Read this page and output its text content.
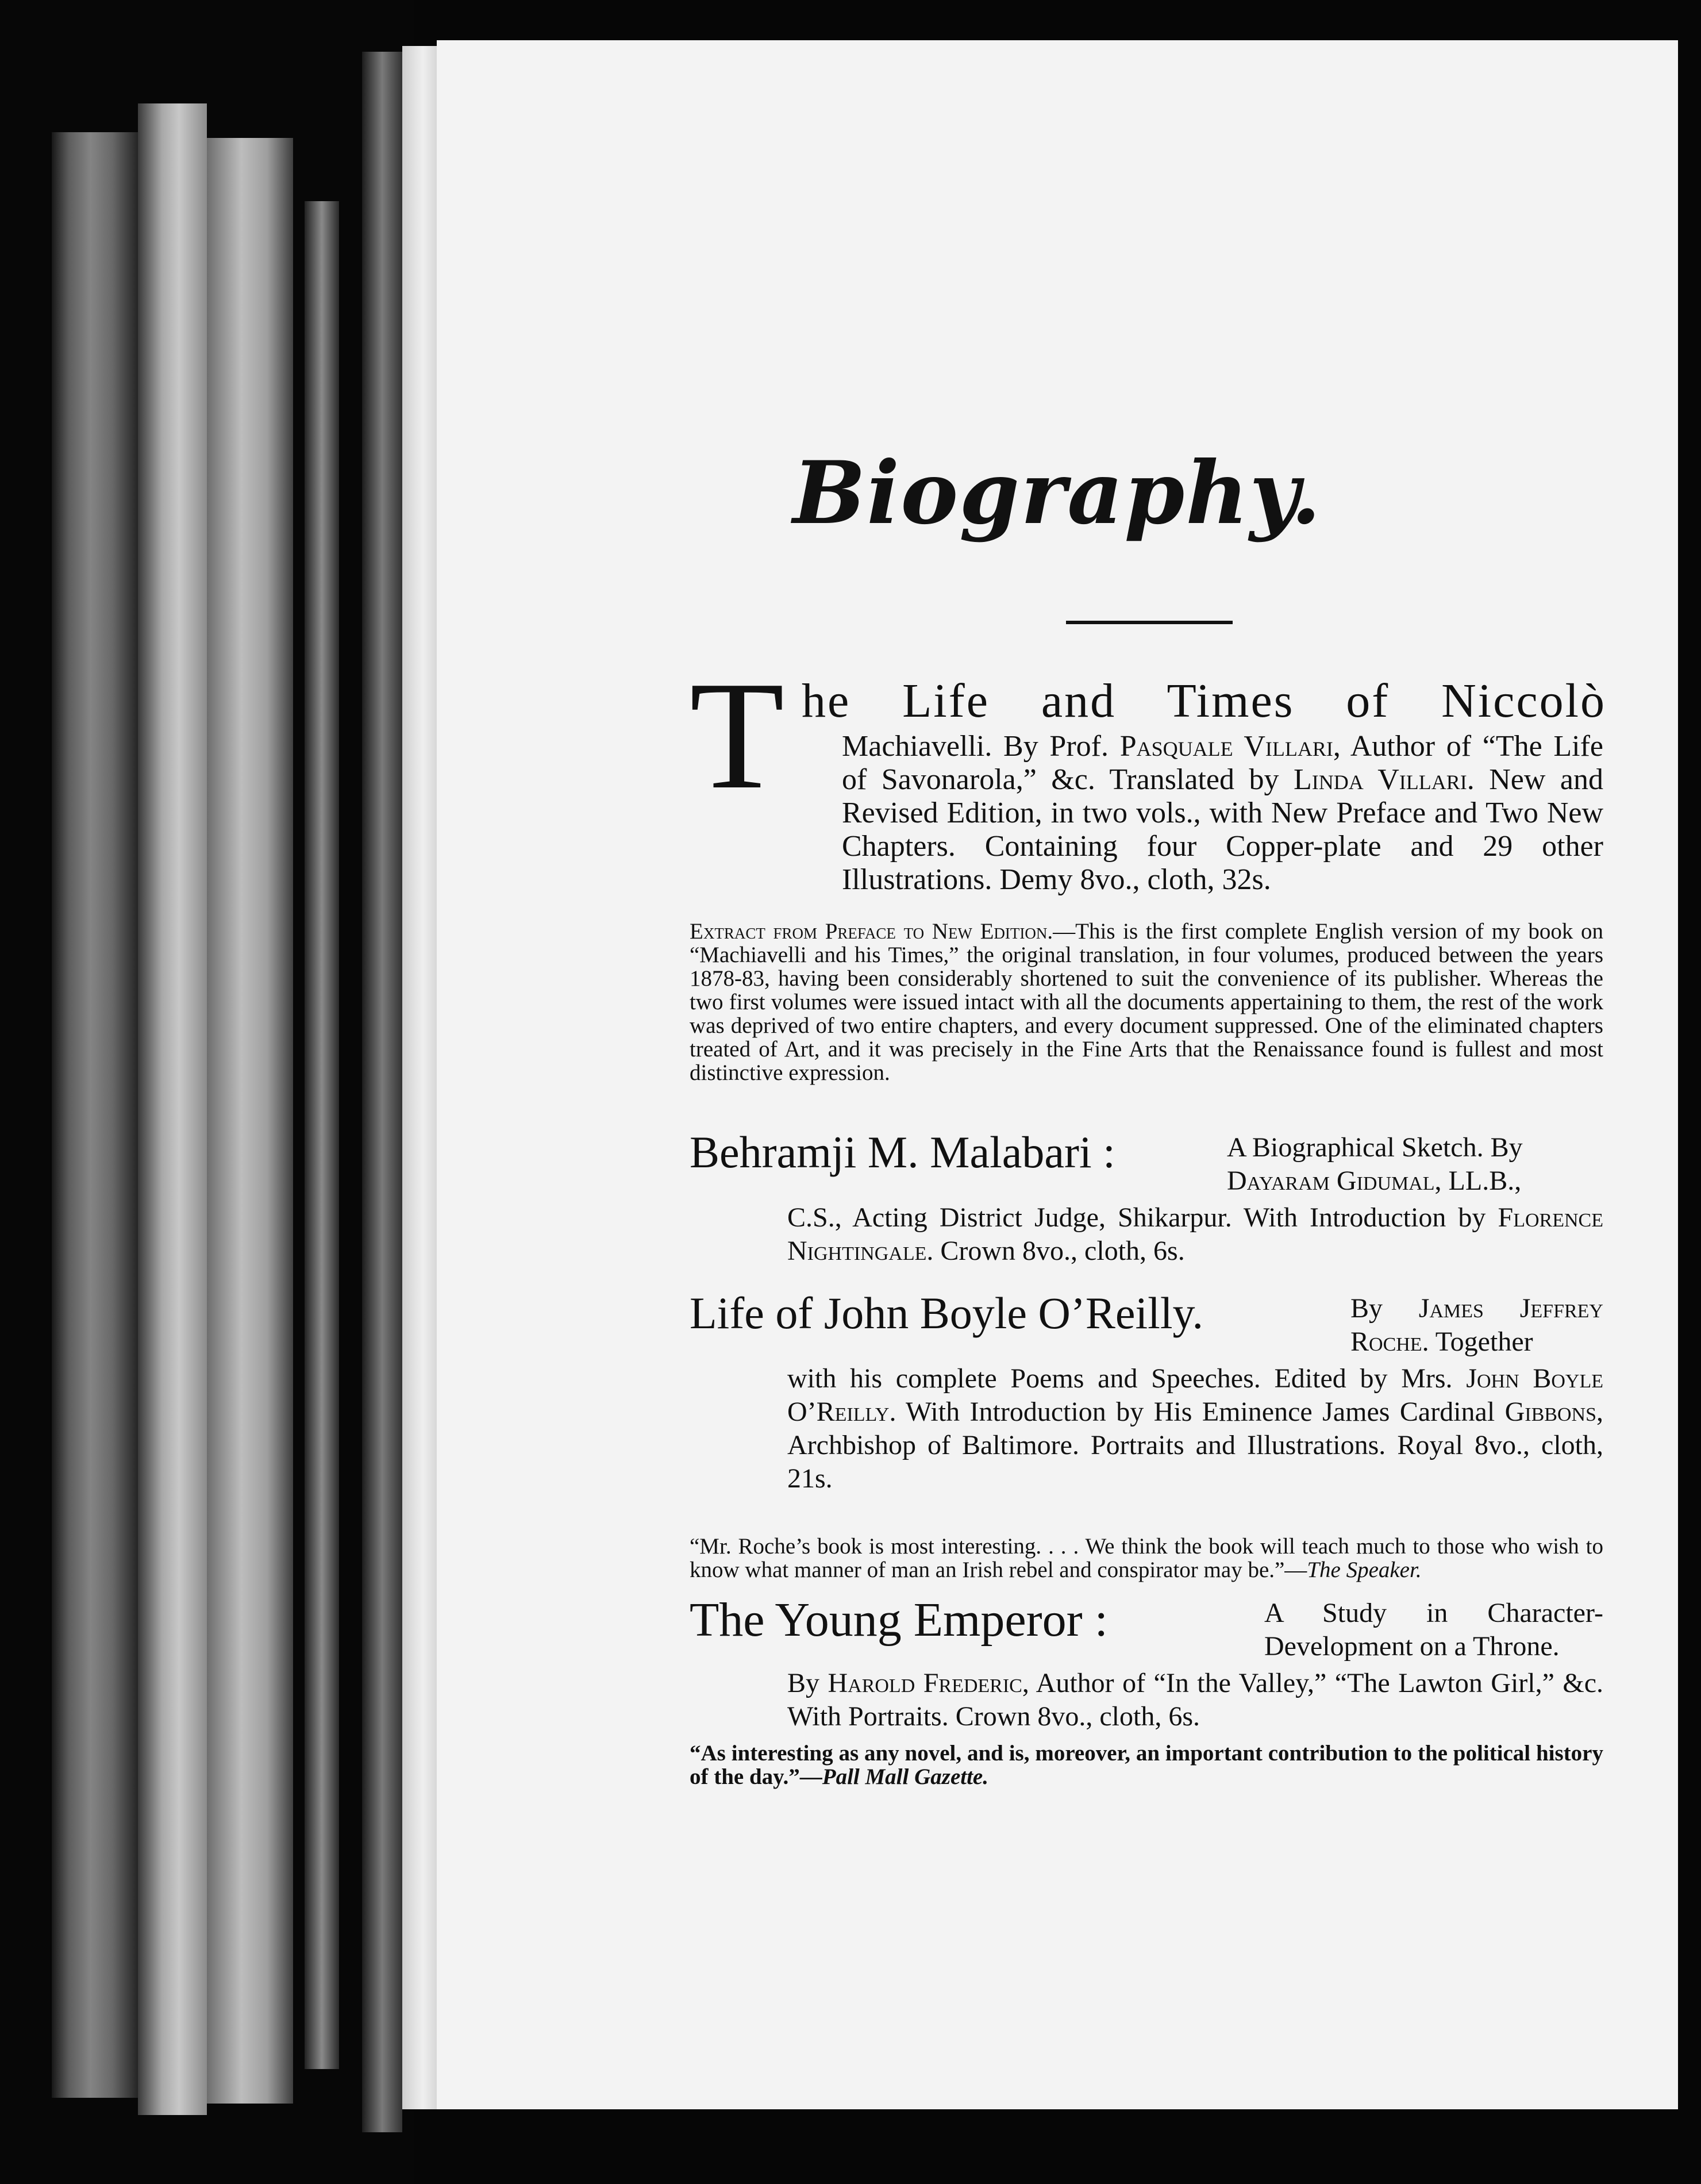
Biography.
T he Life and Times of Niccolò
Machiavelli. By Prof. Pasquale Villari, Author of “The Life of Savonarola,” &c. Translated by Linda Villari. New and Revised Edition, in two vols., with New Preface and Two New Chapters. Containing four Copper-plate and 29 other Illustrations. Demy 8vo., cloth, 32s.
Extract from Preface to New Edition.—This is the first complete English version of my book on “Machiavelli and his Times,” the original translation, in four volumes, produced between the years 1878-83, having been considerably shortened to suit the convenience of its publisher. Whereas the two first volumes were issued intact with all the documents appertaining to them, the rest of the work was deprived of two entire chapters, and every document suppressed. One of the eliminated chapters treated of Art, and it was precisely in the Fine Arts that the Renaissance found is fullest and most distinctive expression.
Behramji M. Malabari :	A Biographical Sketch. By Dayaram Gidumal, LL.B.,
C.S., Acting District Judge, Shikarpur. With Introduction by Florence Nightingale. Crown 8vo., cloth, 6s.
Life of John Boyle O’Reilly.	By James Jeffrey Roche. Together
with his complete Poems and Speeches. Edited by Mrs. John Boyle O’Reilly. With Introduction by His Eminence James Cardinal Gibbons, Archbishop of Baltimore. Portraits and Illustrations. Royal 8vo., cloth, 21s.
“Mr. Roche’s book is most interesting. . . . We think the book will teach much to those who wish to know what manner of man an Irish rebel and conspirator may be.”—The Speaker.
The Young Emperor :	A Study in Character-Development on a Throne.
By Harold Frederic, Author of “In the Valley,” “The Lawton Girl,” &c. With Portraits. Crown 8vo., cloth, 6s.
“As interesting as any novel, and is, moreover, an important contribution to the political history of the day.”—Pall Mall Gazette.
